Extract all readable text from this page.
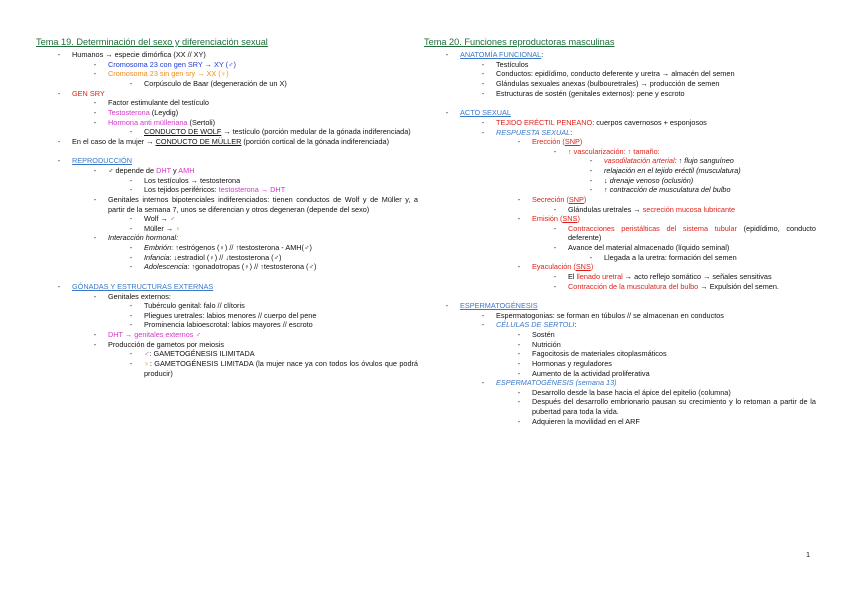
Tema 19. Determinación del sexo y diferenciación sexual
-	Humanos → especie dimórfica (XX // XY)
-	Cromosoma 23 con gen SRY → XY (♂)
-	Cromosoma 23 sin gen sry → XX (♀)
-	Corpúsculo de Baar (degeneración de un X)
-	GEN SRY
-	Factor estimulante del testículo
-	Testosterona (Leydig)
-	Hormona anti mülleriana (Sertoli)
-	CONDUCTO DE WOLF → testículo (porción medular de la gónada indiferenciada)
-	En el caso de la mujer → CONDUCTO DE MÜLLER (porción cortical de la gónada indiferenciada)
-	REPRODUCCIÓN
-	♂ depende de DHT y AMH
-	Los testículos → testosterona
-	Los tejidos periféricos: testosterona → DHT
-	Genitales internos bipotenciales indiferenciados: tienen conductos de Wolf y de Müller y, a partir de la semana 7, unos se diferencian y otros degeneran (depende del sexo)
-	Wolf → ♂
-	Müller → ♀
-	Interacción hormonal:
-	Embrión: ↑estrógenos (♀) // ↑testosterona - AMH(♂)
-	Infancia: ↓estradiol (♀) // ↓testosterona (♂)
-	Adolescencia: ↑gonadotropas (♀) // ↑testosterona (♂)
-	GÓNADAS Y ESTRUCTURAS EXTERNAS
-	Genitales externos:
-	Tubérculo genital: falo // clítoris
-	Pliegues uretrales: labios menores // cuerpo del pene
-	Prominencia labioescrotal: labios mayores // escroto
-	DHT → genitales externos ♂
-	Producción de gametos por meiosis
-	♂: GAMETOGÉNESIS ILIMITADA
-	♀: GAMETOGÉNESIS LIMITADA (la mujer nace ya con todos los óvulos que podrá producir)
Tema 20. Funciones reproductoras masculinas
-	ANATOMÍA FUNCIONAL:
-	Testículos
-	Conductos: epidídimo, conducto deferente y uretra → almacén del semen
-	Glándulas sexuales anexas (bulbouretrales) → producción de semen
-	Estructuras de sostén (genitales externos): pene y escroto
-	ACTO SEXUAL
-	TEJIDO ERÉCTIL PENEANO: cuerpos cavernosos + esponjosos
-	RESPUESTA SEXUAL:
-	Erección (SNP)
-	↑ vascularización: ↑ tamaño:
-	vasodilatación arterial: ↑ flujo sanguíneo
-	relajación en el tejido eréctil (musculatura)
-	↓ drenaje venoso (oclusión)
-	↑ contracción de musculatura del bulbo
-	Secreción (SNP)
-	Glándulas uretrales → secreción mucosa lubricante
-	Emisión (SNS)
-	Contracciones peristálticas del sistema tubular (epidídimo, conducto deferente)
-	Avance del material almacenado (líquido seminal)
-	Llegada a la uretra: formación del semen
-	Eyaculación (SNS)
-	El llenado uretral → acto reflejo somático → señales sensitivas
-	Contracción de la musculatura del bulbo → Expulsión del semen.
-	ESPERMATOGÉNESIS
-	Espermatogonias: se forman en túbulos // se almacenan en conductos
-	CÉLULAS DE SERTOLI:
-	Sostén
-	Nutrición
-	Fagocitosis de materiales citoplasmáticos
-	Hormonas y reguladores
-	Aumento de la actividad proliferativa
-	ESPERMATOGÉNESIS (semana 13)
-	Desarrollo desde la base hacia el ápice del epitelio (columna)
-	Después del desarrollo embrionario pausan su crecimiento y lo retoman a partir de la pubertad para toda la vida.
-	Adquieren la movilidad en el ARF
1
